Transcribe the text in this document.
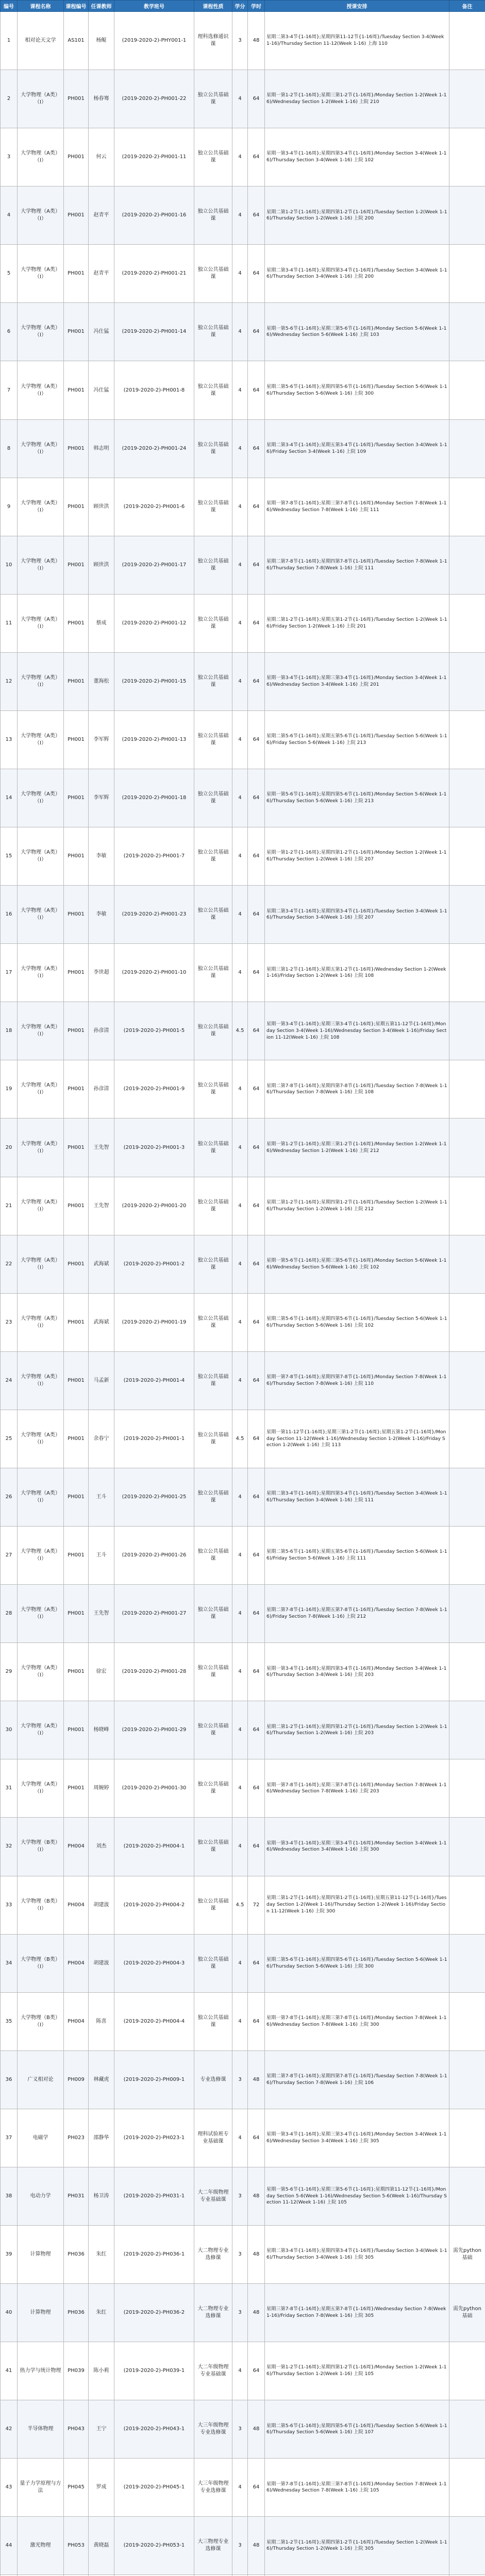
编号	课程名称	课程编号	任课教师	教学班号	课程性质	学分	学时	授课安排	备注
1	相对论天文学	AS101	杨鲲	(2019-2020-2)-PHY001-1	理科选修通识课	3	48	星期二第3-4节{1-16周};星期四第11-12节{1-16周}/Tuesday Section 3-4(Week 1-16)/Thursday Section 11-12(Week 1-16) 上海 110	
2	大学物理（A类）（I）	PH001	杨春骞	(2019-2020-2)-PH001-22	独立公共基础课	4	64	星期一第1-2节{1-16周};星期三第1-2节{1-16周}/Monday Section 1-2(Week 1-16)/Wednesday Section 1-2(Week 1-16) 上院 210	
3	大学物理（A类）（I）	PH001	何云	(2019-2020-2)-PH001-11	独立公共基础课	4	64	星期一第3-4节{1-16周};星期四第3-4节{1-16周}/Monday Section 3-4(Week 1-16)/Thursday Section 3-4(Week 1-16) 上院 102	
4	大学物理（A类）（I）	PH001	赵青平	(2019-2020-2)-PH001-16	独立公共基础课	4	64	星期二第1-2节{1-16周};星期四第1-2节{1-16周}/Tuesday Section 1-2(Week 1-16)/Thursday Section 1-2(Week 1-16) 上院 200	
5	大学物理（A类）（I）	PH001	赵青平	(2019-2020-2)-PH001-21	独立公共基础课	4	64	星期二第3-4节{1-16周};星期四第3-4节{1-16周}/Tuesday Section 3-4(Week 1-16)/Thursday Section 3-4(Week 1-16) 上院 200	
6	大学物理（A类）（I）	PH001	冯仕猛	(2019-2020-2)-PH001-14	独立公共基础课	4	64	星期一第5-6节{1-16周};星期三第5-6节{1-16周}/Monday Section 5-6(Week 1-16)/Wednesday Section 5-6(Week 1-16) 上院 103	
7	大学物理（A类）（I）	PH001	冯仕猛	(2019-2020-2)-PH001-8	独立公共基础课	4	64	星期二第5-6节{1-16周};星期四第5-6节{1-16周}/Tuesday Section 5-6(Week 1-16)/Thursday Section 5-6(Week 1-16) 上院 300	
8	大学物理（A类）（I）	PH001	韩志明	(2019-2020-2)-PH001-24	独立公共基础课	4	64	星期二第3-4节{1-16周};星期五第3-4节{1-16周}/Tuesday Section 3-4(Week 1-16)/Friday Section 3-4(Week 1-16) 上院 109	
9	大学物理（A类）（I）	PH001	顾世洪	(2019-2020-2)-PH001-6	独立公共基础课	4	64	星期一第7-8节{1-16周};星期三第7-8节{1-16周}/Monday Section 7-8(Week 1-16)/Wednesday Section 7-8(Week 1-16) 上院 111	
10	大学物理（A类）（I）	PH001	顾世洪	(2019-2020-2)-PH001-17	独立公共基础课	4	64	星期二第7-8节{1-16周};星期四第7-8节{1-16周}/Tuesday Section 7-8(Week 1-16)/Thursday Section 7-8(Week 1-16) 上院 111	
11	大学物理（A类）（I）	PH001	蔡成	(2019-2020-2)-PH001-12	独立公共基础课	4	64	星期二第1-2节{1-16周};星期五第1-2节{1-16周}/Tuesday Section 1-2(Week 1-16)/Friday Section 1-2(Week 1-16) 上院 201	
12	大学物理（A类）（I）	PH001	董海松	(2019-2020-2)-PH001-15	独立公共基础课	4	64	星期一第3-4节{1-16周};星期三第3-4节{1-16周}/Monday Section 3-4(Week 1-16)/Wednesday Section 3-4(Week 1-16) 上院 201	
13	大学物理（A类）（I）	PH001	李军辉	(2019-2020-2)-PH001-13	独立公共基础课	4	64	星期二第5-6节{1-16周};星期五第5-6节{1-16周}/Tuesday Section 5-6(Week 1-16)/Friday Section 5-6(Week 1-16) 上院 213	
14	大学物理（A类）（I）	PH001	李军辉	(2019-2020-2)-PH001-18	独立公共基础课	4	64	星期一第5-6节{1-16周};星期四第5-6节{1-16周}/Monday Section 5-6(Week 1-16)/Thursday Section 5-6(Week 1-16) 上院 213	
15	大学物理（A类）（I）	PH001	李敏	(2019-2020-2)-PH001-7	独立公共基础课	4	64	星期一第1-2节{1-16周};星期四第1-2节{1-16周}/Monday Section 1-2(Week 1-16)/Thursday Section 1-2(Week 1-16) 上院 207	
16	大学物理（A类）（I）	PH001	李敏	(2019-2020-2)-PH001-23	独立公共基础课	4	64	星期二第3-4节{1-16周};星期四第3-4节{1-16周}/Tuesday Section 3-4(Week 1-16)/Thursday Section 3-4(Week 1-16) 上院 207	
17	大学物理（A类）（I）	PH001	李世超	(2019-2020-2)-PH001-10	独立公共基础课	4	64	星期三第1-2节{1-16周};星期五第1-2节{1-16周}/Wednesday Section 1-2(Week 1-16)/Friday Section 1-2(Week 1-16) 上院 108	
18	大学物理（A类）（I）	PH001	孙彦清	(2019-2020-2)-PH001-5	独立公共基础课	4.5	64	星期一第3-4节{1-16周};星期三第3-4节{1-16周};星期五第11-12节{1-16周}/Monday Section 3-4(Week 1-16)/Wednesday Section 3-4(Week 1-16)/Friday Section 11-12(Week 1-16) 上院 108	
19	大学物理（A类）（I）	PH001	孙彦清	(2019-2020-2)-PH001-9	独立公共基础课	4	64	星期二第7-8节{1-16周};星期四第7-8节{1-16周}/Tuesday Section 7-8(Week 1-16)/Thursday Section 7-8(Week 1-16) 上院 108	
20	大学物理（A类）（I）	PH001	王先智	(2019-2020-2)-PH001-3	独立公共基础课	4	64	星期一第1-2节{1-16周};星期三第1-2节{1-16周}/Monday Section 1-2(Week 1-16)/Wednesday Section 1-2(Week 1-16) 上院 212	
21	大学物理（A类）（I）	PH001	王先智	(2019-2020-2)-PH001-20	独立公共基础课	4	64	星期二第1-2节{1-16周};星期四第1-2节{1-16周}/Tuesday Section 1-2(Week 1-16)/Thursday Section 1-2(Week 1-16) 上院 212	
22	大学物理（A类）（I）	PH001	武海斌	(2019-2020-2)-PH001-2	独立公共基础课	4	64	星期一第5-6节{1-16周};星期三第5-6节{1-16周}/Monday Section 5-6(Week 1-16)/Wednesday Section 5-6(Week 1-16) 上院 102	
23	大学物理（A类）（I）	PH001	武海斌	(2019-2020-2)-PH001-19	独立公共基础课	4	64	星期二第5-6节{1-16周};星期四第5-6节{1-16周}/Tuesday Section 5-6(Week 1-16)/Thursday Section 5-6(Week 1-16) 上院 102	
24	大学物理（A类）（I）	PH001	马孟新	(2019-2020-2)-PH001-4	独立公共基础课	4	64	星期一第7-8节{1-16周};星期四第7-8节{1-16周}/Monday Section 7-8(Week 1-16)/Thursday Section 7-8(Week 1-16) 上院 110	
25	大学物理（A类）（I）	PH001	余春宁	(2019-2020-2)-PH001-1	独立公共基础课	4.5	64	星期一第11-12节{1-16周};星期三第1-2节{1-16周};星期五第1-2节{1-16周}/Monday Section 11-12(Week 1-16)/Wednesday Section 1-2(Week 1-16)/Friday Section 1-2(Week 1-16) 上院 113	
26	大学物理（A类）（I）	PH001	王斗	(2019-2020-2)-PH001-25	独立公共基础课	4	64	星期二第3-4节{1-16周};星期四第3-4节{1-16周}/Tuesday Section 3-4(Week 1-16)/Thursday Section 3-4(Week 1-16) 上院 111	
27	大学物理（A类）（I）	PH001	王斗	(2019-2020-2)-PH001-26	独立公共基础课	4	64	星期二第5-6节{1-16周};星期五第5-6节{1-16周}/Tuesday Section 5-6(Week 1-16)/Friday Section 5-6(Week 1-16) 上院 111	
28	大学物理（A类）（I）	PH001	王先智	(2019-2020-2)-PH001-27	独立公共基础课	4	64	星期二第7-8节{1-16周};星期五第7-8节{1-16周}/Tuesday Section 7-8(Week 1-16)/Friday Section 7-8(Week 1-16) 上院 212	
29	大学物理（A类）（I）	PH001	徐宏	(2019-2020-2)-PH001-28	独立公共基础课	4	64	星期一第3-4节{1-16周};星期四第3-4节{1-16周}/Monday Section 3-4(Week 1-16)/Thursday Section 3-4(Week 1-16) 上院 203	
30	大学物理（A类）（I）	PH001	杨晓峰	(2019-2020-2)-PH001-29	独立公共基础课	4	64	星期二第1-2节{1-16周};星期四第1-2节{1-16周}/Tuesday Section 1-2(Week 1-16)/Thursday Section 1-2(Week 1-16) 上院 203	
31	大学物理（A类）（I）	PH001	周婉婷	(2019-2020-2)-PH001-30	独立公共基础课	4	64	星期一第7-8节{1-16周};星期三第7-8节{1-16周}/Monday Section 7-8(Week 1-16)/Wednesday Section 7-8(Week 1-16) 上院 203	
32	大学物理（B类）（I）	PH004	刘杰	(2019-2020-2)-PH004-1	独立公共基础课	4	64	星期一第3-4节{1-16周};星期三第3-4节{1-16周}/Monday Section 3-4(Week 1-16)/Wednesday Section 3-4(Week 1-16) 上院 300	
33	大学物理（B类）（I）	PH004	胡建波	(2019-2020-2)-PH004-2	独立公共基础课	4.5	72	星期二第1-2节{1-16周};星期四第1-2节{1-16周};星期五第11-12节{1-16周}/Tuesday Section 1-2(Week 1-16)/Thursday Section 1-2(Week 1-16)/Friday Section 11-12(Week 1-16) 上院 300	
34	大学物理（B类）（I）	PH004	胡建波	(2019-2020-2)-PH004-3	独立公共基础课	4	64	星期二第5-6节{1-16周};星期四第5-6节{1-16周}/Tuesday Section 5-6(Week 1-16)/Thursday Section 5-6(Week 1-16) 上院 300	
35	大学物理（B类）（I）	PH004	陈喜	(2019-2020-2)-PH004-4	独立公共基础课	4	64	星期一第7-8节{1-16周};星期三第7-8节{1-16周}/Monday Section 7-8(Week 1-16)/Wednesday Section 7-8(Week 1-16) 上院 300	
36	广义相对论	PH009	林藏虎	(2019-2020-2)-PH009-1	专业选修课	3	48	星期二第7-8节{1-16周};星期四第7-8节{1-16周}/Tuesday Section 7-8(Week 1-16)/Thursday Section 7-8(Week 1-16) 上院 106	
37	电磁学	PH023	邵静华	(2019-2020-2)-PH023-1	理科试验班专业基础课	4	64	星期一第3-4节{1-16周};星期三第3-4节{1-16周}/Monday Section 3-4(Week 1-16)/Wednesday Section 3-4(Week 1-16) 上院 305	
38	电动力学	PH031	杨卫涛	(2019-2020-2)-PH031-1	大二年级物理专业基础课	3	48	星期一第5-6节{1-16周};星期三第5-6节{1-16周};星期四第11-12节{1-16周}/Monday Section 5-6(Week 1-16)/Wednesday Section 5-6(Week 1-16)/Thursday Section 11-12(Week 1-16) 上院 105	
39	计算物理	PH036	朱红	(2019-2020-2)-PH036-1	大二物理专业选修课	3	48	星期二第3-4节{1-16周};星期四第3-4节{1-16周}/Tuesday Section 3-4(Week 1-16)/Thursday Section 3-4(Week 1-16) 上院 305	需先python基础
40	计算物理	PH036	朱红	(2019-2020-2)-PH036-2	大二物理专业选修课	3	48	星期三第7-8节{1-16周};星期五第7-8节{1-16周}/Wednesday Section 7-8(Week 1-16)/Friday Section 7-8(Week 1-16) 上院 305	需先python基础
41	热力学与统计物理	PH039	陈小莉	(2019-2020-2)-PH039-1	大二年级物理专业基础课	4	64	星期一第1-2节{1-16周};星期四第1-2节{1-16周}/Monday Section 1-2(Week 1-16)/Thursday Section 1-2(Week 1-16) 上院 105	
42	半导体物理	PH043	王宁	(2019-2020-2)-PH043-1	大三年级物理专业选修课	3	48	星期二第5-6节{1-16周};星期四第5-6节{1-16周}/Tuesday Section 5-6(Week 1-16)/Thursday Section 5-6(Week 1-16) 上院 107	
43	量子力学原理与方法	PH045	罗成	(2019-2020-2)-PH045-1	大三年级物理专业选修课	4	64	星期一第7-8节{1-16周};星期三第7-8节{1-16周}/Monday Section 7-8(Week 1-16)/Wednesday Section 7-8(Week 1-16) 上院 105	
44	激光物理	PH053	黄晓磊	(2019-2020-2)-PH053-1	大三物理专业选修课	3	48	星期二第1-2节{1-16周};星期四第1-2节{1-16周}/Tuesday Section 1-2(Week 1-16)/Thursday Section 1-2(Week 1-16) 上院 305	
